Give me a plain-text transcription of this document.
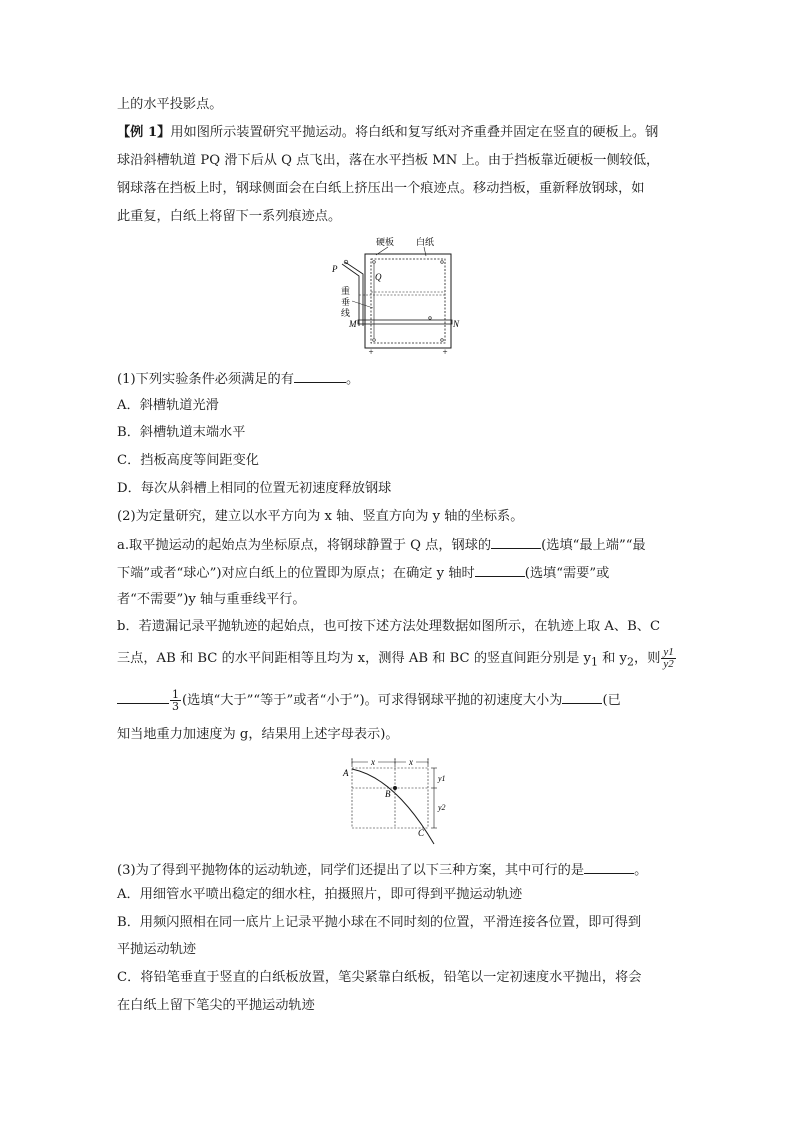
上的水平投影点。
【例 1】用如图所示装置研究平抛运动。将白纸和复写纸对齐重叠并固定在竖直的硬板上。钢
球沿斜槽轨道 PQ 滑下后从 Q 点飞出，落在水平挡板 MN 上。由于挡板靠近硬板一侧较低，
钢球落在挡板上时，钢球侧面会在白纸上挤压出一个痕迹点。移动挡板，重新释放钢球，如
此重复，白纸上将留下一系列痕迹点。
硬板 白纸
P
Q
重
垂
线
M	N
+	+
(1)下列实验条件必须满足的有	。
A．斜槽轨道光滑
B．斜槽轨道末端水平
C．挡板高度等间距变化
D．每次从斜槽上相同的位置无初速度释放钢球
(2)为定量研究，建立以水平方向为 x 轴、竖直方向为 y 轴的坐标系。
a.取平抛运动的起始点为坐标原点，将钢球静置于 Q 点，钢球的	(选填“最上端”“最
下端”或者“球心”)对应白纸上的位置即为原点；在确定 y 轴时	(选填“需要”或
者“不需要”)y 轴与重垂线平行。
b．若遗漏记录平抛轨迹的起始点，也可按下述方法处理数据如图所示，在轨迹上取 A、B、C
三点，AB 和 BC 的水平间距相等且均为 x，测得 AB 和 BC 的竖直间距分别是 $y_1$ 和 $y_2$，则 $\frac{y1}{y2}$
$\frac{1}{3}$ (选填“大于”“等于”或者“小于”)。可求得钢球平抛的初速度大小为	(已
知当地重力加速度为 g，结果用上述字母表示)。
x	x
y1
y2
A
B
C
(3)为了得到平抛物体的运动轨迹，同学们还提出了以下三种方案，其中可行的是	。
A．用细管水平喷出稳定的细水柱，拍摄照片，即可得到平抛运动轨迹
B．用频闪照相在同一底片上记录平抛小球在不同时刻的位置，平滑连接各位置，即可得到
平抛运动轨迹
C．将铅笔垂直于竖直的白纸板放置，笔尖紧靠白纸板，铅笔以一定初速度水平抛出，将会
在白纸上留下笔尖的平抛运动轨迹
